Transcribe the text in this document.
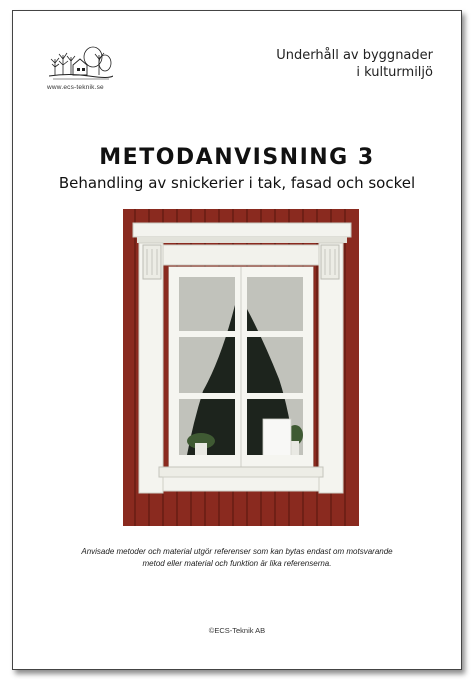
www.ecs-teknik.se
Underhåll av byggnader
i kulturmiljö
METODANVISNING 3
Behandling av snickerier i tak, fasad och sockel
Anvisade metoder och material utgör referenser som kan bytas endast om motsvarande metod eller material och funktion är lika referenserna.
©ECS-Teknik AB
